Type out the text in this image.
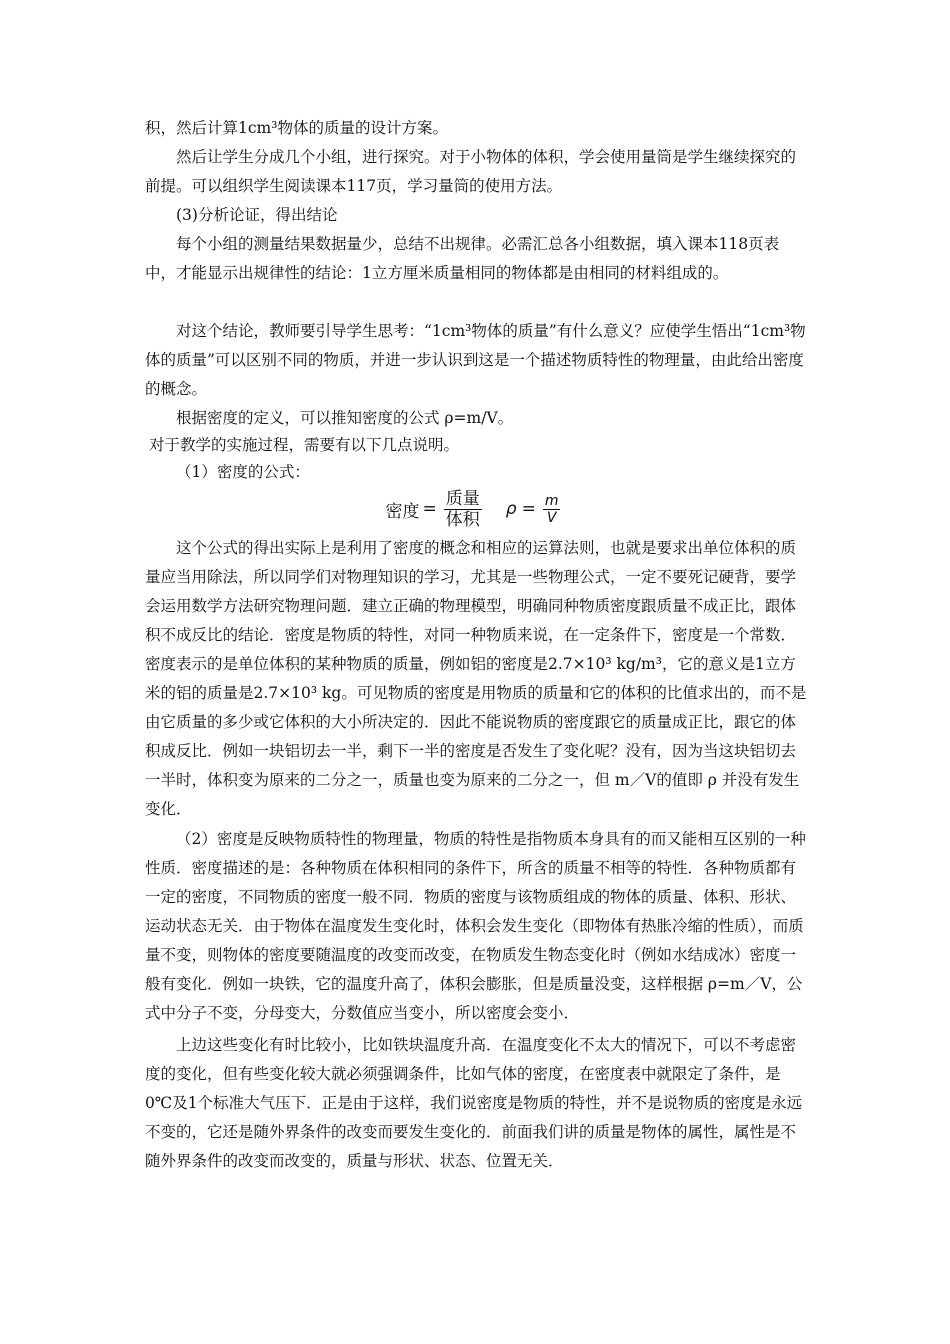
积，然后计算1cm³物体的质量的设计方案。

然后让学生分成几个小组，进行探究。对于小物体的体积，学会使用量筒是学生继续探究的前提。可以组织学生阅读课本117页，学习量筒的使用方法。

(3)分析论证，得出结论

每个小组的测量结果数据量少，总结不出规律。必需汇总各小组数据，填入课本118页表中，才能显示出规律性的结论：1立方厘米质量相同的物体都是由相同的材料组成的。

对这个结论，教师要引导学生思考：“1cm³物体的质量”有什么意义？应使学生悟出“1cm³物体的质量”可以区别不同的物质，并进一步认识到这是一个描述物质特性的物理量，由此给出密度的概念。

根据密度的定义，可以推知密度的公式 ρ=m/V。

对于教学的实施过程，需要有以下几点说明。

（1）密度的公式：

密度 = $\frac{\text{质量}}{\text{体积}}$ $\rho = \frac{m}{V}$

这个公式的得出实际上是利用了密度的概念和相应的运算法则，也就是要求出单位体积的质量应当用除法，所以同学们对物理知识的学习，尤其是一些物理公式，一定不要死记硬背，要学会运用数学方法研究物理问题．建立正确的物理模型，明确同种物质密度跟质量不成正比，跟体积不成反比的结论．密度是物质的特性，对同一种物质来说，在一定条件下，密度是一个常数．密度表示的是单位体积的某种物质的质量，例如铝的密度是2.7×10³ kg/m³，它的意义是1立方米的铝的质量是2.7×10³ kg。可见物质的密度是用物质的质量和它的体积的比值求出的，而不是由它质量的多少或它体积的大小所决定的．因此不能说物质的密度跟它的质量成正比，跟它的体积成反比．例如一块铝切去一半，剩下一半的密度是否发生了变化呢？没有，因为当这块铝切去一半时，体积变为原来的二分之一，质量也变为原来的二分之一，但 m／V的值即 ρ 并没有发生变化．

（2）密度是反映物质特性的物理量，物质的特性是指物质本身具有的而又能相互区别的一种性质．密度描述的是：各种物质在体积相同的条件下，所含的质量不相等的特性．各种物质都有一定的密度，不同物质的密度一般不同．物质的密度与该物质组成的物体的质量、体积、形状、运动状态无关．由于物体在温度发生变化时，体积会发生变化（即物体有热胀冷缩的性质），而质量不变，则物体的密度要随温度的改变而改变，在物质发生物态变化时（例如水结成冰）密度一般有变化．例如一块铁，它的温度升高了，体积会膨胀，但是质量没变，这样根据 ρ=m／V，公式中分子不变，分母变大，分数值应当变小，所以密度会变小．

上边这些变化有时比较小，比如铁块温度升高．在温度变化不太大的情况下，可以不考虑密度的变化，但有些变化较大就必须强调条件，比如气体的密度，在密度表中就限定了条件，是0℃及1个标准大气压下．正是由于这样，我们说密度是物质的特性，并不是说物质的密度是永远不变的，它还是随外界条件的改变而要发生变化的．前面我们讲的质量是物体的属性，属性是不随外界条件的改变而改变的，质量与形状、状态、位置无关．
